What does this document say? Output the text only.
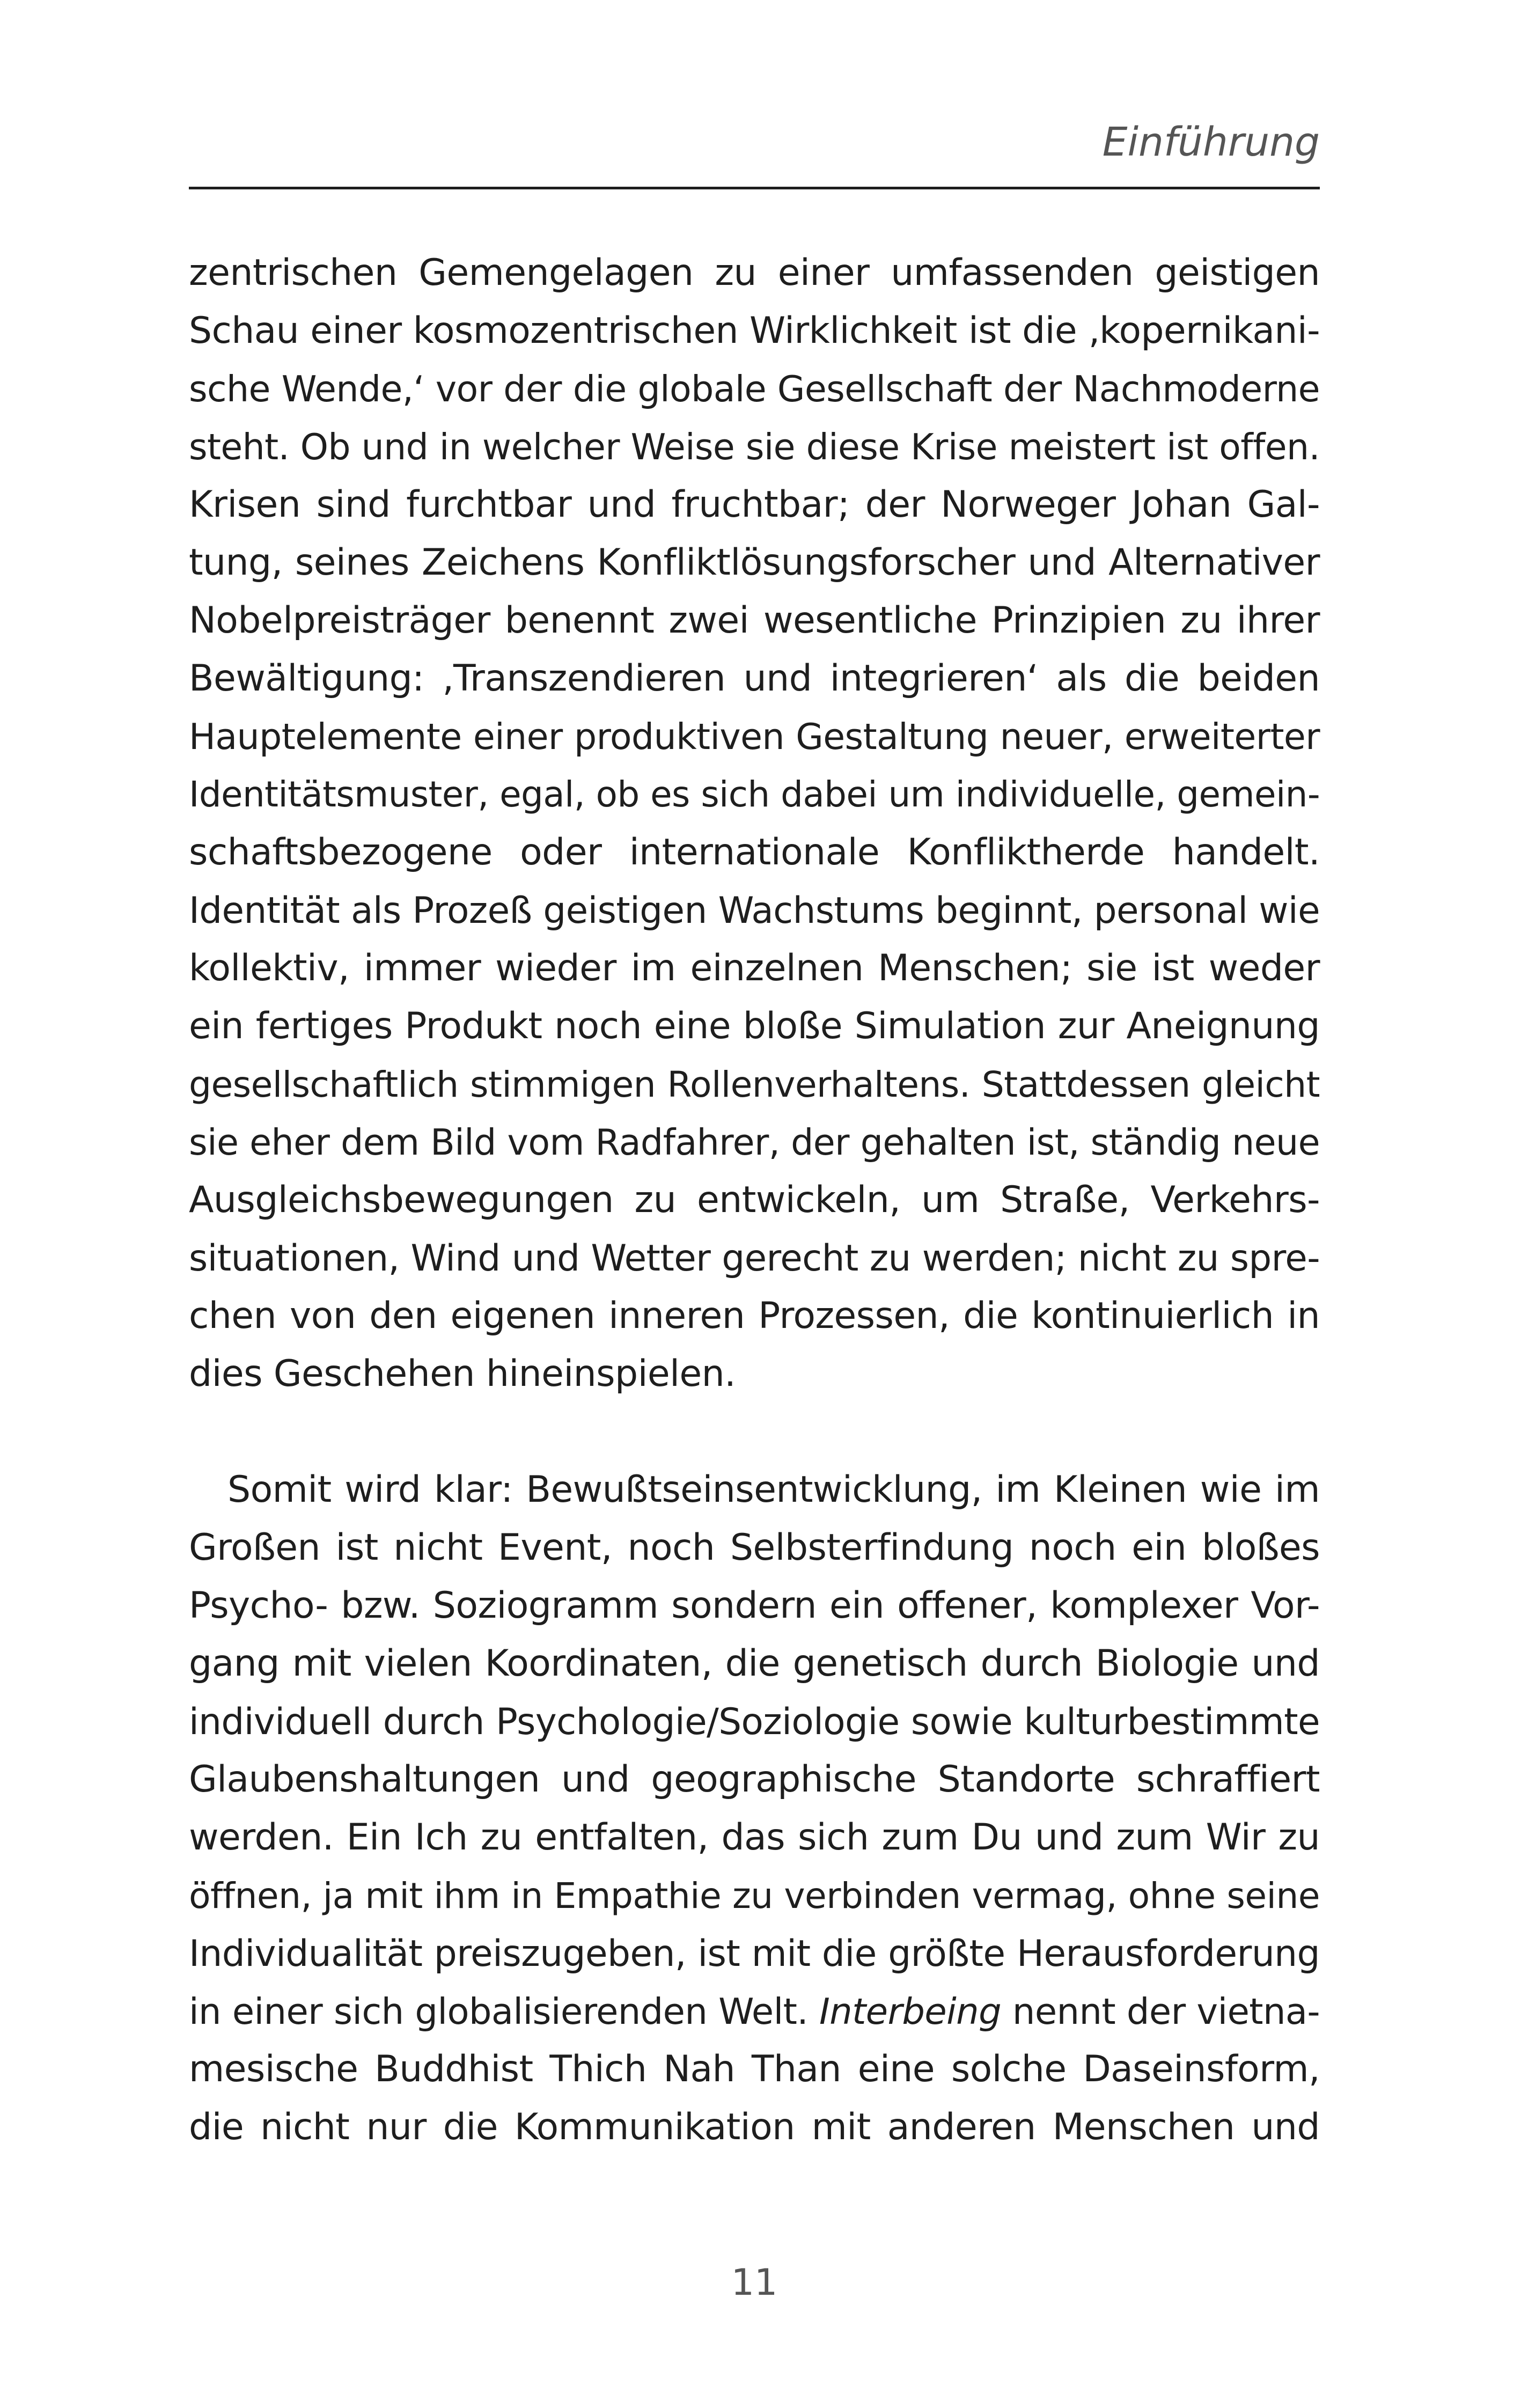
Einführung
zentrischen Gemengelagen zu einer umfassenden geistigen
Schau einer kosmozentrischen Wirklichkeit ist die ‚kopernikani-
sche Wende,‘ vor der die globale Gesellschaft der Nachmoderne
steht. Ob und in welcher Weise sie diese Krise meistert ist offen.
Krisen sind furchtbar und fruchtbar; der Norweger Johan Gal-
tung, seines Zeichens Konfliktlösungsforscher und Alternativer
Nobelpreisträger benennt zwei wesentliche Prinzipien zu ihrer
Bewältigung: ‚Transzendieren und integrieren‘ als die beiden
Hauptelemente einer produktiven Gestaltung neuer, erweiterter
Identitätsmuster, egal, ob es sich dabei um individuelle, gemein-
schaftsbezogene oder internationale Konfliktherde handelt.
Identität als Prozeß geistigen Wachstums beginnt, personal wie
kollektiv, immer wieder im einzelnen Menschen; sie ist weder
ein fertiges Produkt noch eine bloße Simulation zur Aneignung
gesellschaftlich stimmigen Rollenverhaltens. Stattdessen gleicht
sie eher dem Bild vom Radfahrer, der gehalten ist, ständig neue
Ausgleichsbewegungen zu entwickeln, um Straße, Verkehrs-
situationen, Wind und Wetter gerecht zu werden; nicht zu spre-
chen von den eigenen inneren Prozessen, die kontinuierlich in
dies Geschehen hineinspielen.
Somit wird klar: Bewußtseinsentwicklung, im Kleinen wie im
Großen ist nicht Event, noch Selbsterfindung noch ein bloßes
Psycho- bzw. Soziogramm sondern ein offener, komplexer Vor-
gang mit vielen Koordinaten, die genetisch durch Biologie und
individuell durch Psychologie/Soziologie sowie kulturbestimmte
Glaubenshaltungen und geographische Standorte schraffiert
werden. Ein Ich zu entfalten, das sich zum Du und zum Wir zu
öffnen, ja mit ihm in Empathie zu verbinden vermag, ohne seine
Individualität preiszugeben, ist mit die größte Herausforderung
in einer sich globalisierenden Welt. Interbeing nennt der vietna-
mesische Buddhist Thich Nah Than eine solche Daseinsform,
die nicht nur die Kommunikation mit anderen Menschen und
11
